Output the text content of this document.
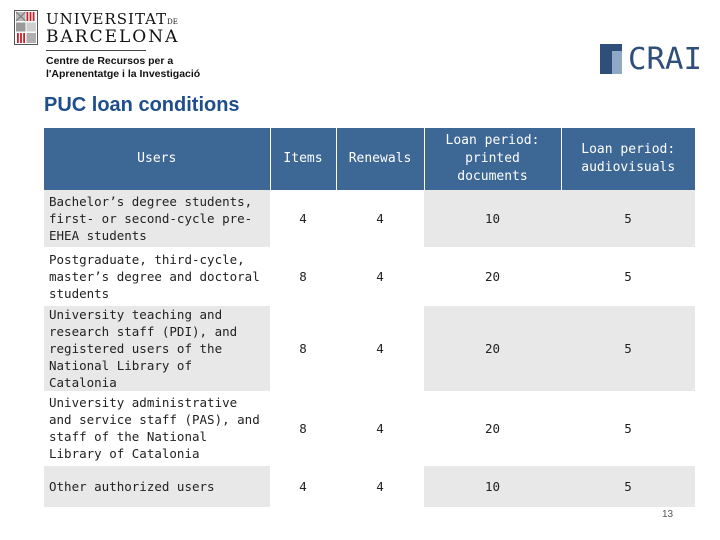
UNIVERSITATDE
BARCELONA
Centre de Recursos per a
l'Aprenentatge i la Investigació	CRAI
PUC loan conditions
Users	Items	Renewals	Loan period: printed documents	Loan period: audiovisuals
Bachelor’s degree students, first- or second-cycle pre-EHEA students	4	4	10	5
Postgraduate, third-cycle, master’s degree and doctoral students	8	4	20	5
University teaching and research staff (PDI), and registered users of the National Library of Catalonia	8	4	20	5
University administrative and service staff (PAS), and staff of the National Library of Catalonia	8	4	20	5
Other authorized users	4	4	10	5
13
